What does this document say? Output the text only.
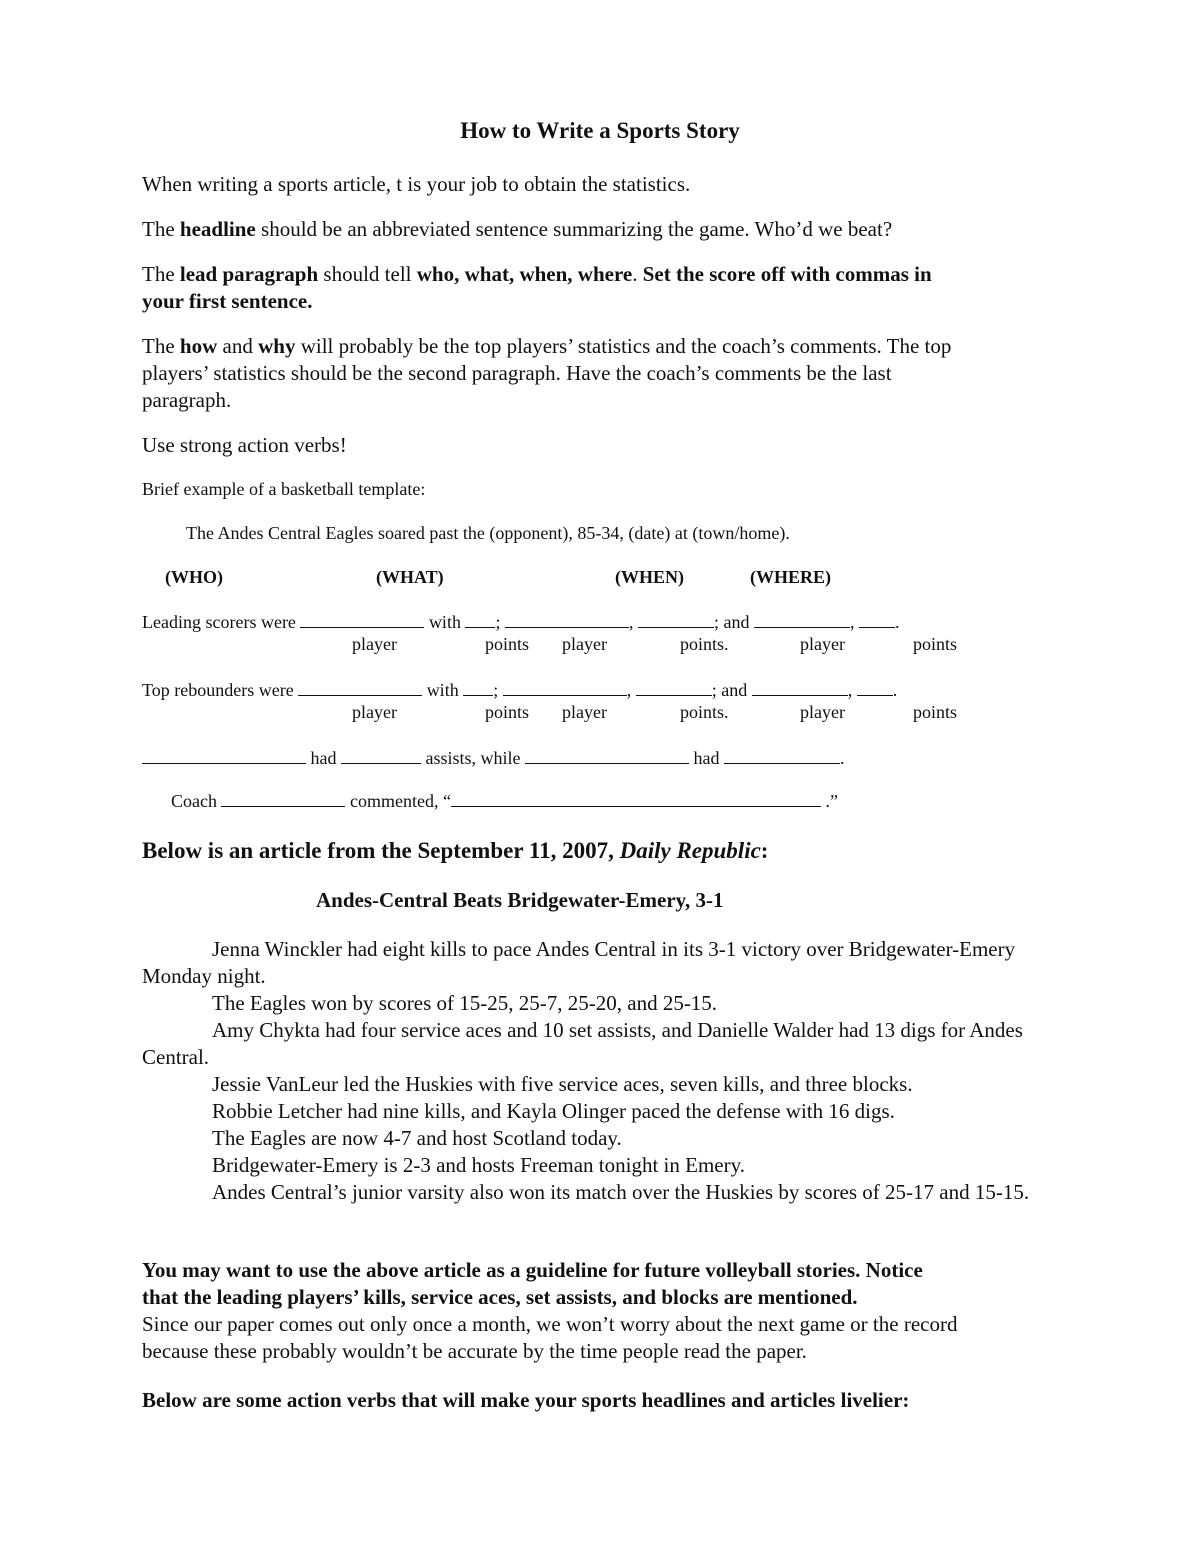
How to Write a Sports Story
When writing a sports article, t is your job to obtain the statistics.
The headline should be an abbreviated sentence summarizing the game. Who’d we beat?
The lead paragraph should tell who, what, when, where. Set the score off with commas in
your first sentence.
The how and why will probably be the top players’ statistics and the coach’s comments. The top
players’ statistics should be the second paragraph. Have the coach’s comments be the last
paragraph.
Use strong action verbs!
Brief example of a basketball template:
The Andes Central Eagles soared past the (opponent), 85-34, (date) at (town/home).
(WHO)	(WHAT)	(WHEN)	(WHERE)
Leading scorers were	with ;	,	; and	, .
player	points player	points.	player	points
Top rebounders were	with ;	,	; and	, .
player	points player	points.	player	points
had	assists, while	had	.
Coach	commented, “	.”
Below is an article from the September 11, 2007, Daily Republic:
Andes-Central Beats Bridgewater-Emery, 3-1
Jenna Winckler had eight kills to pace Andes Central in its 3-1 victory over Bridgewater-Emery Monday night.
The Eagles won by scores of 15-25, 25-7, 25-20, and 25-15.
Amy Chykta had four service aces and 10 set assists, and Danielle Walder had 13 digs for Andes Central.
Jessie VanLeur led the Huskies with five service aces, seven kills, and three blocks.
Robbie Letcher had nine kills, and Kayla Olinger paced the defense with 16 digs.
The Eagles are now 4-7 and host Scotland today.
Bridgewater-Emery is 2-3 and hosts Freeman tonight in Emery.
Andes Central’s junior varsity also won its match over the Huskies by scores of 25-17 and 15-15.
You may want to use the above article as a guideline for future volleyball stories. Notice
that the leading players’ kills, service aces, set assists, and blocks are mentioned.
Since our paper comes out only once a month, we won’t worry about the next game or the record
because these probably wouldn’t be accurate by the time people read the paper.
Below are some action verbs that will make your sports headlines and articles livelier:
